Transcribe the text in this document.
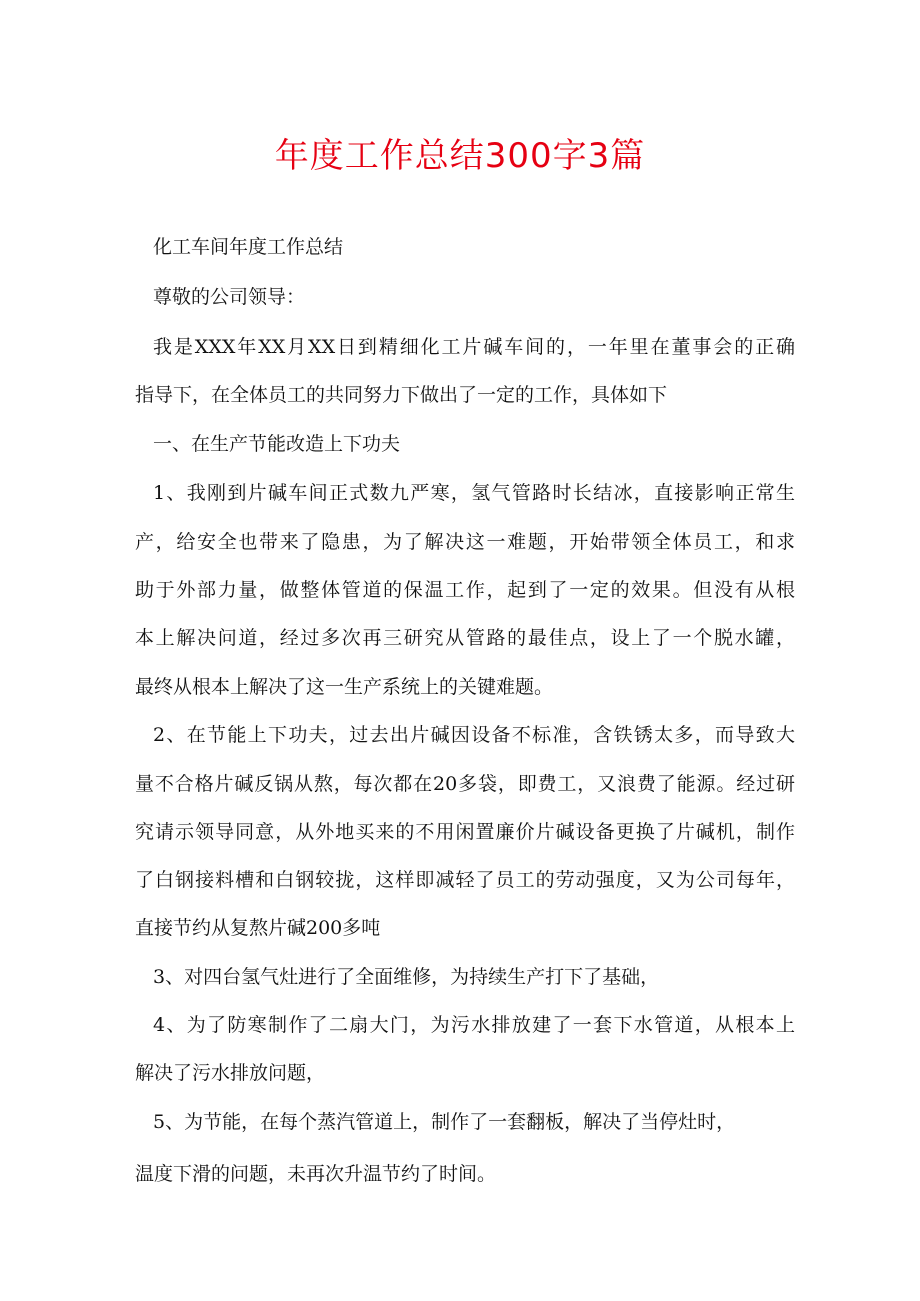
年度工作总结300字3篇
化工车间年度工作总结
尊敬的公司领导：
我是XXX年XX月XX日到精细化工片碱车间的，一年里在董事会的正确
指导下，在全体员工的共同努力下做出了一定的工作，具体如下
一、在生产节能改造上下功夫
1、我刚到片碱车间正式数九严寒，氢气管路时长结冰，直接影响正常生
产，给安全也带来了隐患，为了解决这一难题，开始带领全体员工，和求
助于外部力量，做整体管道的保温工作，起到了一定的效果。但没有从根
本上解决问道，经过多次再三研究从管路的最佳点，设上了一个脱水罐，
最终从根本上解决了这一生产系统上的关键难题。
2、在节能上下功夫，过去出片碱因设备不标准，含铁锈太多，而导致大
量不合格片碱反锅从熬，每次都在20多袋，即费工，又浪费了能源。经过研
究请示领导同意，从外地买来的不用闲置廉价片碱设备更换了片碱机，制作
了白钢接料槽和白钢较拢，这样即减轻了员工的劳动强度，又为公司每年，
直接节约从复熬片碱200多吨
3、对四台氢气灶进行了全面维修，为持续生产打下了基础，
4、为了防寒制作了二扇大门，为污水排放建了一套下水管道，从根本上
解决了污水排放问题，
5、为节能，在每个蒸汽管道上，制作了一套翻板，解决了当停灶时，
温度下滑的问题，未再次升温节约了时间。
